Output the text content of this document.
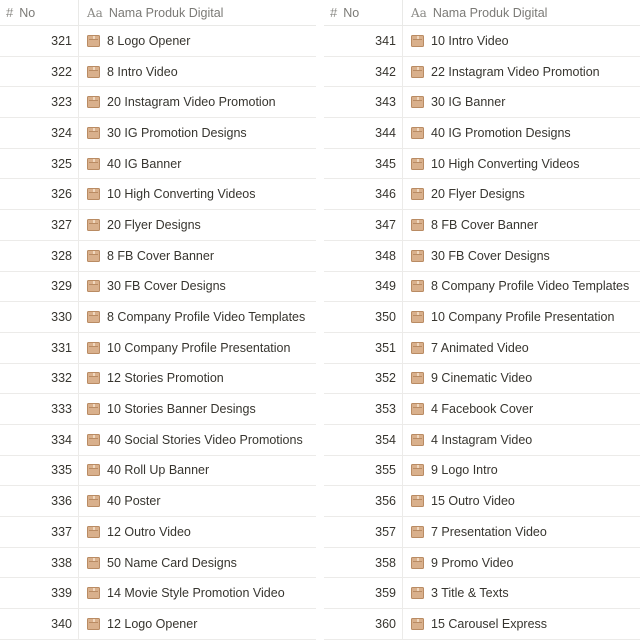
# No	Aa Nama Produk Digital
321	8 Logo Opener
322	8 Intro Video
323	20 Instagram Video Promotion
324	30 IG Promotion Designs
325	40 IG Banner
326	10 High Converting Videos
327	20 Flyer Designs
328	8 FB Cover Banner
329	30 FB Cover Designs
330	8 Company Profile Video Templates
331	10 Company Profile Presentation
332	12 Stories Promotion
333	10 Stories Banner Desings
334	40 Social Stories Video Promotions
335	40 Roll Up Banner
336	40 Poster
337	12 Outro Video
338	50 Name Card Designs
339	14 Movie Style Promotion Video
340	12 Logo Opener
# No	Aa Nama Produk Digital
341	10 Intro Video
342	22 Instagram Video Promotion
343	30 IG Banner
344	40 IG Promotion Designs
345	10 High Converting Videos
346	20 Flyer Designs
347	8 FB Cover Banner
348	30 FB Cover Designs
349	8 Company Profile Video Templates
350	10 Company Profile Presentation
351	7 Animated Video
352	9 Cinematic Video
353	4 Facebook Cover
354	4 Instagram Video
355	9 Logo Intro
356	15 Outro Video
357	7 Presentation Video
358	9 Promo Video
359	3 Title & Texts
360	15 Carousel Express
